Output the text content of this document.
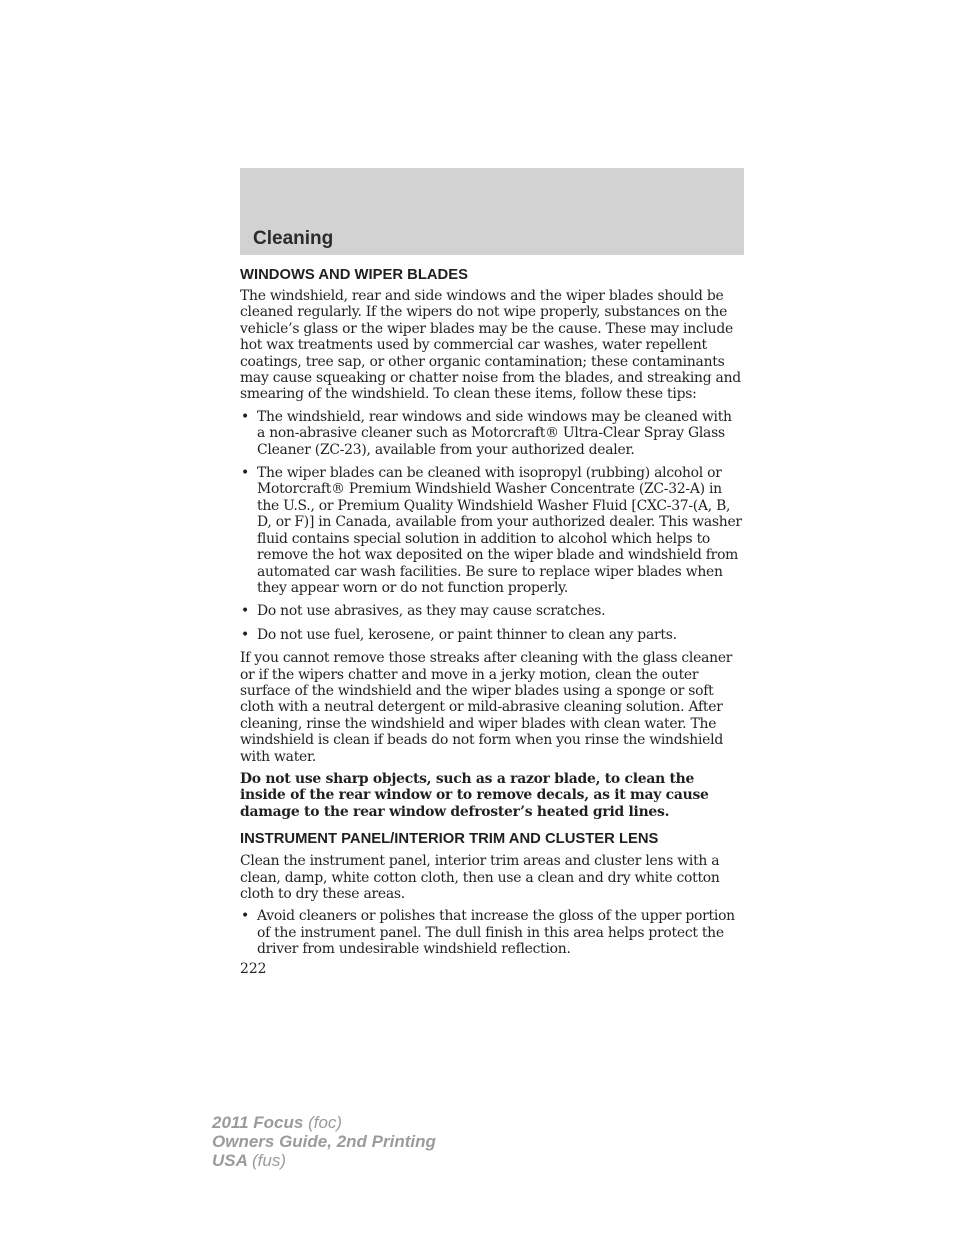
Cleaning
WINDOWS AND WIPER BLADES

The windshield, rear and side windows and the wiper blades should be cleaned regularly. If the wipers do not wipe properly, substances on the vehicle’s glass or the wiper blades may be the cause. These may include hot wax treatments used by commercial car washes, water repellent coatings, tree sap, or other organic contamination; these contaminants may cause squeaking or chatter noise from the blades, and streaking and smearing of the windshield. To clean these items, follow these tips:

• The windshield, rear windows and side windows may be cleaned with a non-abrasive cleaner such as Motorcraft® Ultra-Clear Spray Glass Cleaner (ZC-23), available from your authorized dealer.
• The wiper blades can be cleaned with isopropyl (rubbing) alcohol or Motorcraft® Premium Windshield Washer Concentrate (ZC-32-A) in the U.S., or Premium Quality Windshield Washer Fluid [CXC-37-(A, B, D, or F)] in Canada, available from your authorized dealer. This washer fluid contains special solution in addition to alcohol which helps to remove the hot wax deposited on the wiper blade and windshield from automated car wash facilities. Be sure to replace wiper blades when they appear worn or do not function properly.
• Do not use abrasives, as they may cause scratches.
• Do not use fuel, kerosene, or paint thinner to clean any parts.

If you cannot remove those streaks after cleaning with the glass cleaner or if the wipers chatter and move in a jerky motion, clean the outer surface of the windshield and the wiper blades using a sponge or soft cloth with a neutral detergent or mild-abrasive cleaning solution. After cleaning, rinse the windshield and wiper blades with clean water. The windshield is clean if beads do not form when you rinse the windshield with water.

Do not use sharp objects, such as a razor blade, to clean the inside of the rear window or to remove decals, as it may cause damage to the rear window defroster’s heated grid lines.

INSTRUMENT PANEL/INTERIOR TRIM AND CLUSTER LENS

Clean the instrument panel, interior trim areas and cluster lens with a clean, damp, white cotton cloth, then use a clean and dry white cotton cloth to dry these areas.

• Avoid cleaners or polishes that increase the gloss of the upper portion of the instrument panel. The dull finish in this area helps protect the driver from undesirable windshield reflection.
222
2011 Focus (foc)
Owners Guide, 2nd Printing
USA (fus)
